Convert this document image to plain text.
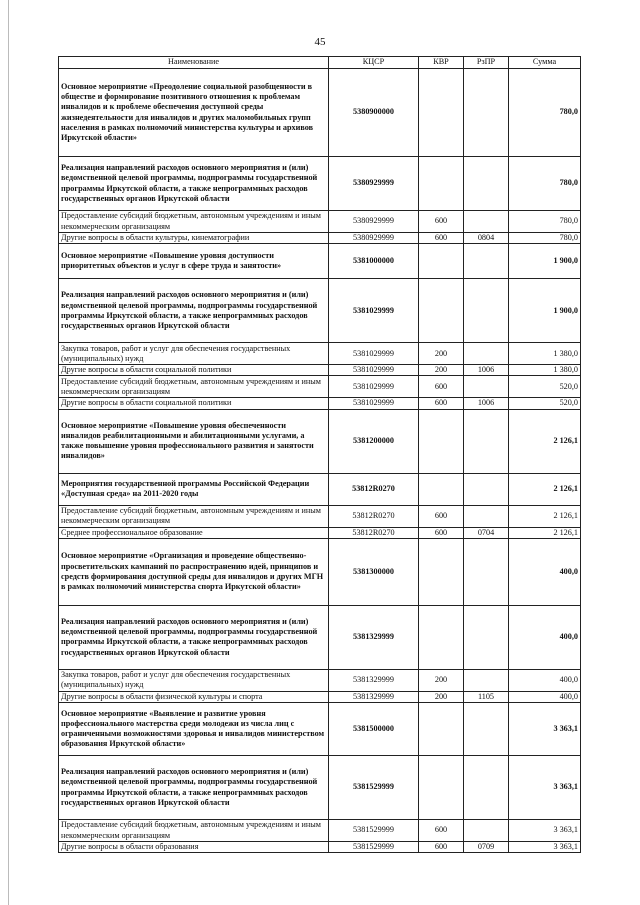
45
Наименование	КЦСР	КВР	РзПР	Сумма
Основное мероприятие «Преодоление социальной разобщенности в обществе и формирование позитивного отношения к проблемам инвалидов и к проблеме обеспечения доступной среды жизнедеятельности для инвалидов и других маломобильных групп населения в рамках полномочий министерства культуры и архивов Иркутской области»	5380900000			780,0
Реализация направлений расходов основного мероприятия и (или) ведомственной целевой программы, подпрограммы государственной программы Иркутской области, а также непрограммных расходов государственных органов Иркутской области	5380929999			780,0
Предоставление субсидий бюджетным, автономным учреждениям и иным некоммерческим организациям	5380929999	600		780,0
Другие вопросы в области культуры, кинематографии	5380929999	600	0804	780,0
Основное мероприятие «Повышение уровня доступности приоритетных объектов и услуг в сфере труда и занятости»	5381000000			1 900,0
Реализация направлений расходов основного мероприятия и (или) ведомственной целевой программы, подпрограммы государственной программы Иркутской области, а также непрограммных расходов государственных органов Иркутской области	5381029999			1 900,0
Закупка товаров, работ и услуг для обеспечения государственных (муниципальных) нужд	5381029999	200		1 380,0
Другие вопросы в области социальной политики	5381029999	200	1006	1 380,0
Предоставление субсидий бюджетным, автономным учреждениям и иным некоммерческим организациям	5381029999	600		520,0
Другие вопросы в области социальной политики	5381029999	600	1006	520,0
Основное мероприятие «Повышение уровня обеспеченности инвалидов реабилитационными и абилитационными услугами, а также повышение уровня профессионального развития и занятости инвалидов»	5381200000			2 126,1
Мероприятия государственной программы Российской Федерации «Доступная среда» на 2011-2020 годы	53812R0270			2 126,1
Предоставление субсидий бюджетным, автономным учреждениям и иным некоммерческим организациям	53812R0270	600		2 126,1
Среднее профессиональное образование	53812R0270	600	0704	2 126,1
Основное мероприятие «Организация и проведение общественно-просветительских кампаний по распространению идей, принципов и средств формирования доступной среды для инвалидов и других МГН в рамках полномочий министерства спорта Иркутской области»	5381300000			400,0
Реализация направлений расходов основного мероприятия и (или) ведомственной целевой программы, подпрограммы государственной программы Иркутской области, а также непрограммных расходов государственных органов Иркутской области	5381329999			400,0
Закупка товаров, работ и услуг для обеспечения государственных (муниципальных) нужд	5381329999	200		400,0
Другие вопросы в области физической культуры и спорта	5381329999	200	1105	400,0
Основное мероприятие «Выявление и развитие уровня профессионального мастерства среди молодежи из числа лиц с ограниченными возможностями здоровья и инвалидов министерством образования Иркутской области»	5381500000			3 363,1
Реализация направлений расходов основного мероприятия и (или) ведомственной целевой программы, подпрограммы государственной программы Иркутской области, а также непрограммных расходов государственных органов Иркутской области	5381529999			3 363,1
Предоставление субсидий бюджетным, автономным учреждениям и иным некоммерческим организациям	5381529999	600		3 363,1
Другие вопросы в области образования	5381529999	600	0709	3 363,1
